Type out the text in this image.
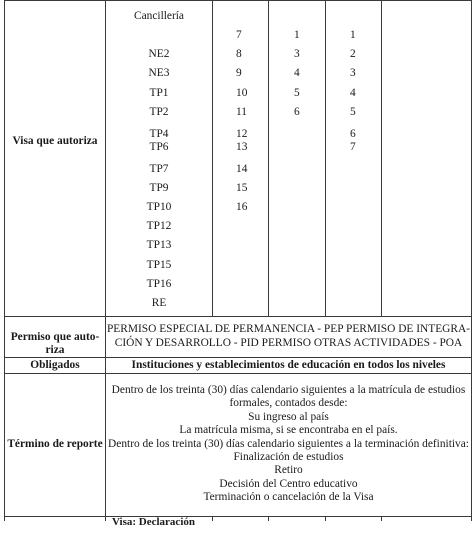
Visa que autoriza
Cancillería
NE2
NE3
TP1
TP2
TP4
TP6
TP7
TP9
TP10
TP12
TP13
TP15
TP16
RE
7
8
9
10
11
12
13
14
15
16
1
3
4
5
6
1
2
3
4
5
6
7
Permiso que auto-
riza
PERMISO ESPECIAL DE PERMANENCIA - PEP PERMISO DE INTEGRA-
CIÓN Y DESARROLLO - PID PERMISO OTRAS ACTIVIDADES - POA
Obligados	Instituciones y establecimientos de educación en todos los niveles
Término de reporte
Dentro de los treinta (30) días calendario siguientes a la matrícula de estudios
formales, contados desde:
Su ingreso al país
La matrícula misma, si se encontraba en el país.
Dentro de los treinta (30) días calendario siguientes a la terminación definitiva:
Finalización de estudios
Retiro
Decisión del Centro educativo
Terminación o cancelación de la Visa
Visa: Declaración
